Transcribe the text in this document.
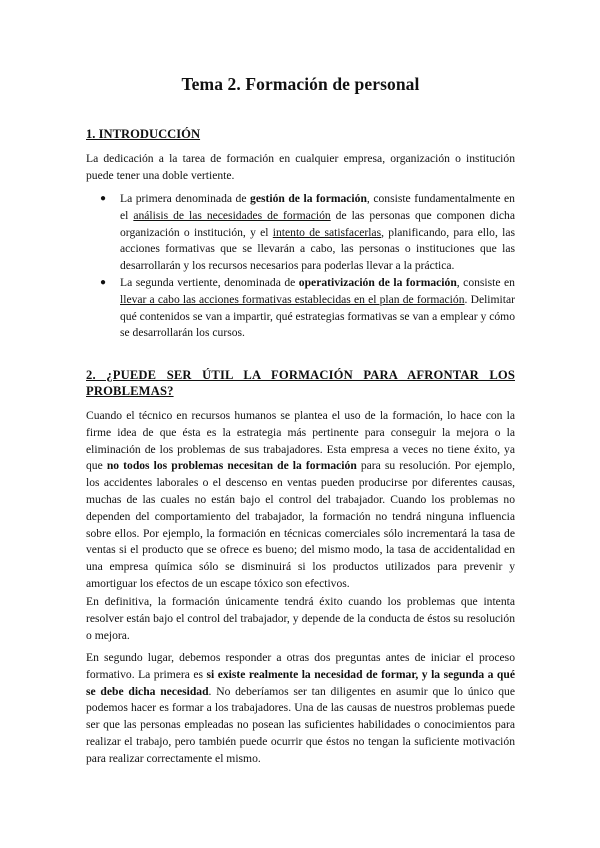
Tema 2. Formación de personal
1. INTRODUCCIÓN

La dedicación a la tarea de formación en cualquier empresa, organización o institución puede tener una doble vertiente.

● La primera denominada de gestión de la formación, consiste fundamentalmente en el análisis de las necesidades de formación de las personas que componen dicha organización o institución, y el intento de satisfacerlas, planificando, para ello, las acciones formativas que se llevarán a cabo, las personas o instituciones que las desarrollarán y los recursos necesarios para poderlas llevar a la práctica.
● La segunda vertiente, denominada de operativización de la formación, consiste en llevar a cabo las acciones formativas establecidas en el plan de formación. Delimitar qué contenidos se van a impartir, qué estrategias formativas se van a emplear y cómo se desarrollarán los cursos.
2. ¿PUEDE SER ÚTIL LA FORMACIÓN PARA AFRONTAR LOS PROBLEMAS?

Cuando el técnico en recursos humanos se plantea el uso de la formación, lo hace con la firme idea de que ésta es la estrategia más pertinente para conseguir la mejora o la eliminación de los problemas de sus trabajadores. Esta empresa a veces no tiene éxito, ya que no todos los problemas necesitan de la formación para su resolución. Por ejemplo, los accidentes laborales o el descenso en ventas pueden producirse por diferentes causas, muchas de las cuales no están bajo el control del trabajador. Cuando los problemas no dependen del comportamiento del trabajador, la formación no tendrá ninguna influencia sobre ellos. Por ejemplo, la formación en técnicas comerciales sólo incrementará la tasa de ventas si el producto que se ofrece es bueno; del mismo modo, la tasa de accidentalidad en una empresa química sólo se disminuirá si los productos utilizados para prevenir y amortiguar los efectos de un escape tóxico son efectivos.

En definitiva, la formación únicamente tendrá éxito cuando los problemas que intenta resolver están bajo el control del trabajador, y depende de la conducta de éstos su resolución o mejora.

En segundo lugar, debemos responder a otras dos preguntas antes de iniciar el proceso formativo. La primera es si existe realmente la necesidad de formar, y la segunda a qué se debe dicha necesidad. No deberíamos ser tan diligentes en asumir que lo único que podemos hacer es formar a los trabajadores. Una de las causas de nuestros problemas puede ser que las personas empleadas no posean las suficientes habilidades o conocimientos para realizar el trabajo, pero también puede ocurrir que éstos no tengan la suficiente motivación para realizar correctamente el mismo.
